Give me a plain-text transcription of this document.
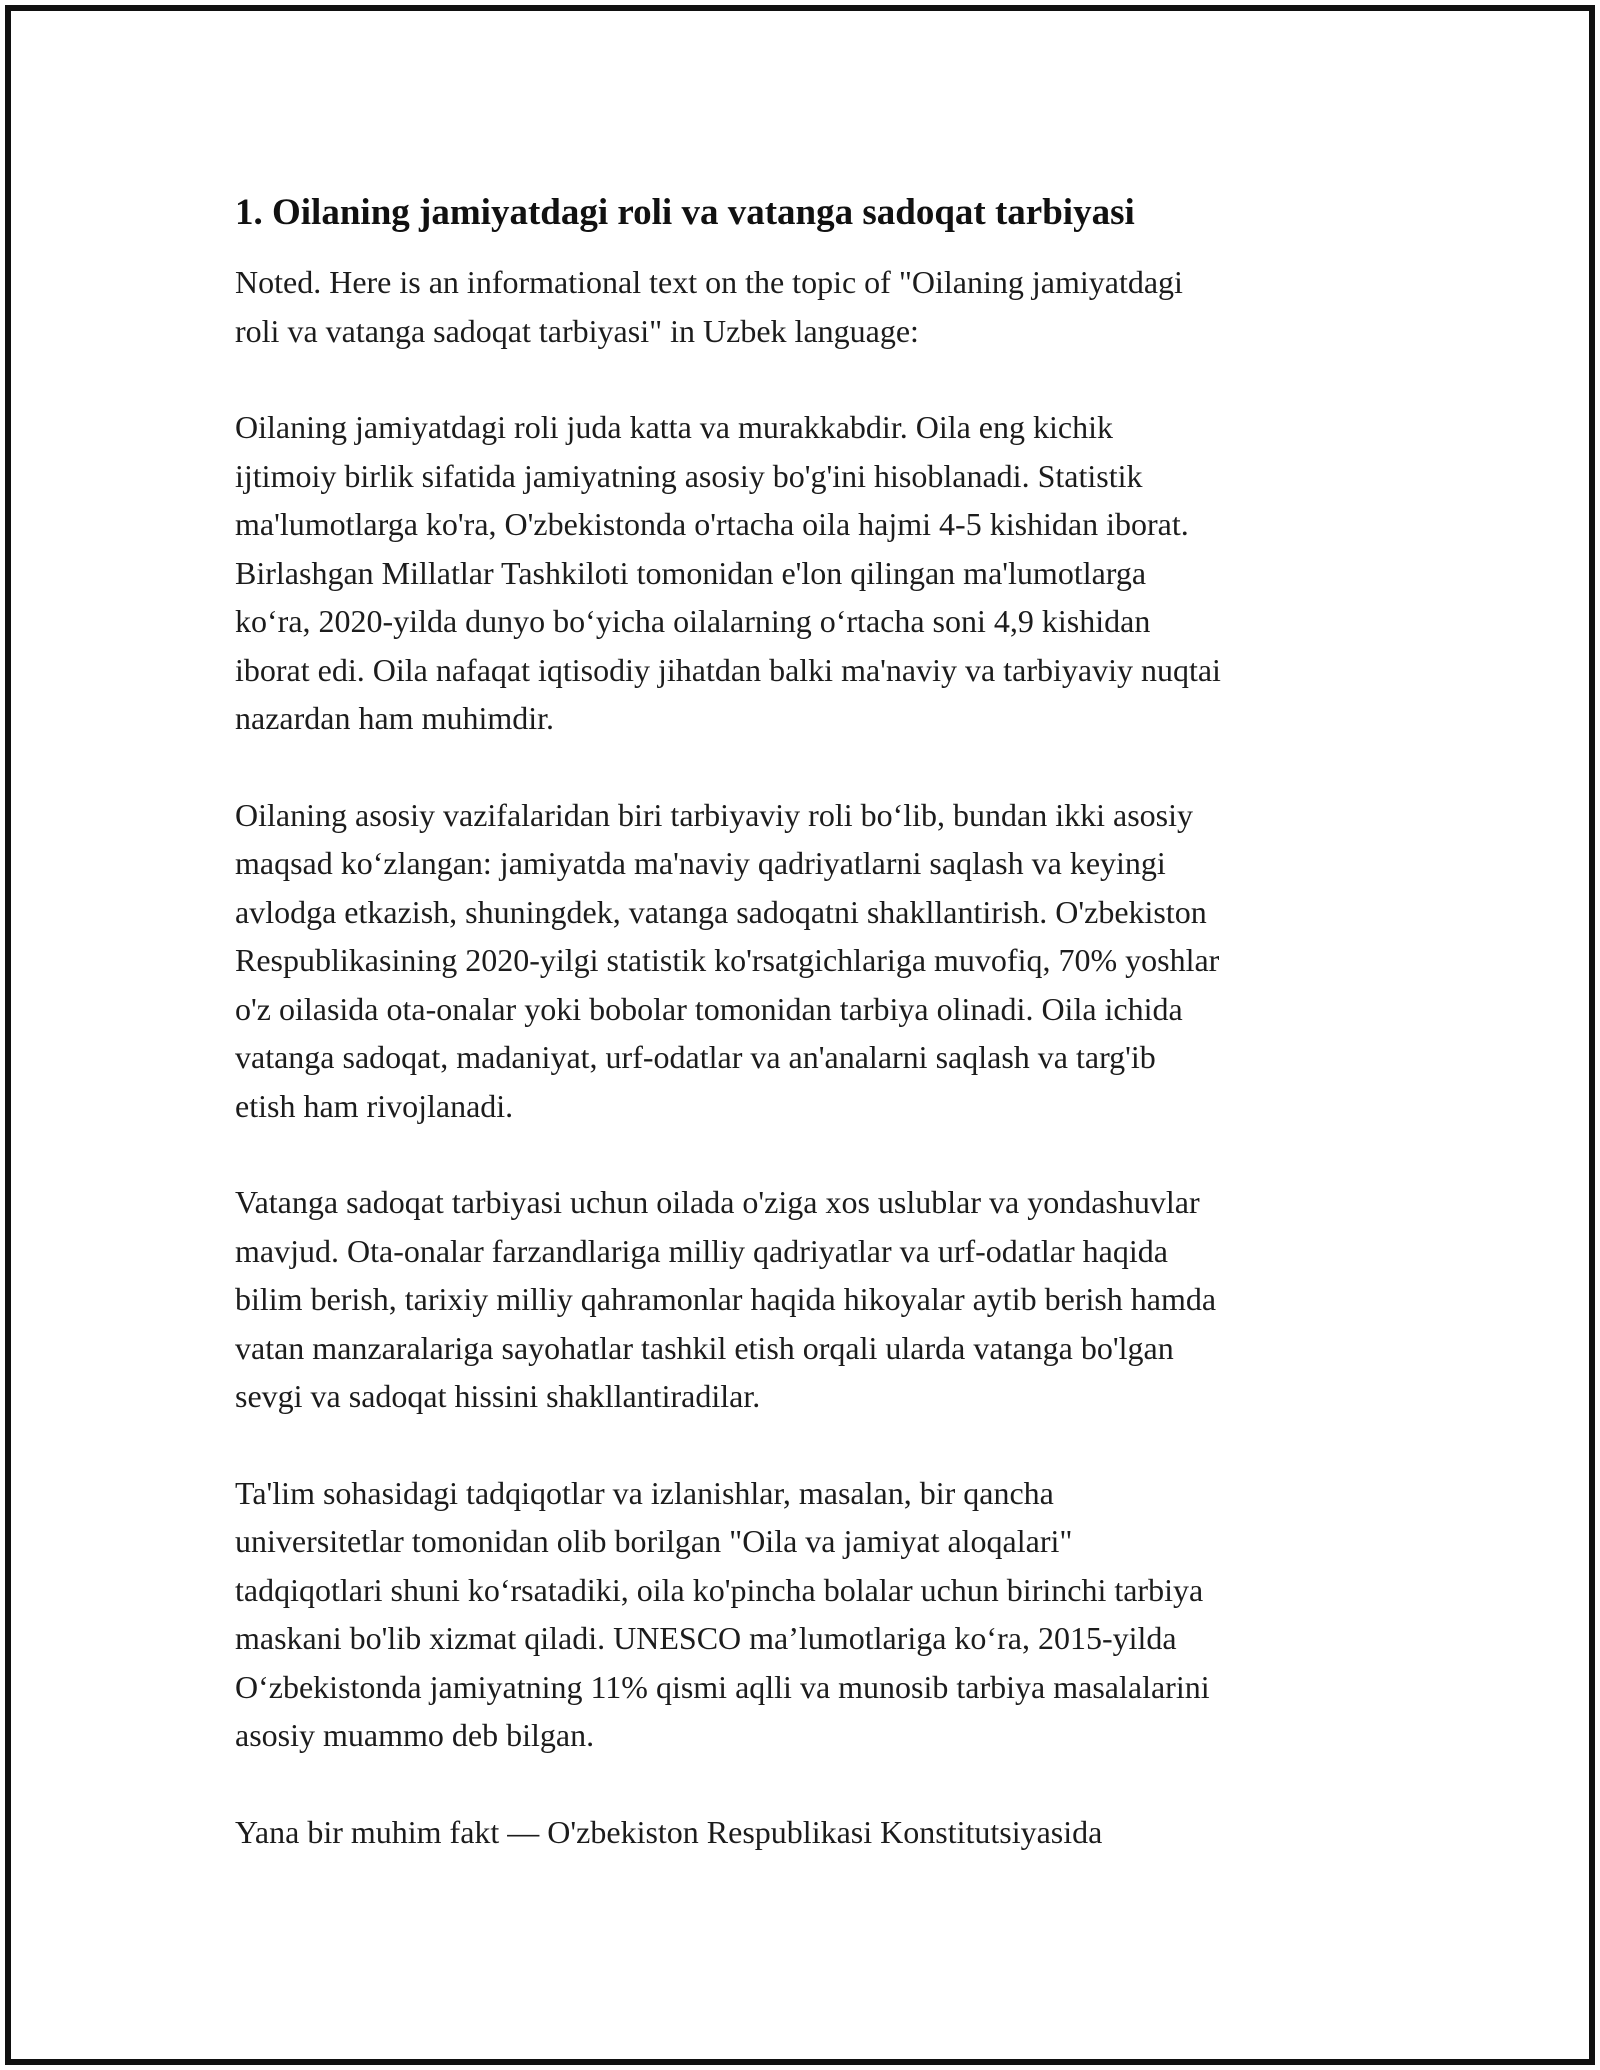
1. Oilaning jamiyatdagi roli va vatanga sadoqat tarbiyasi

Noted. Here is an informational text on the topic of "Oilaning jamiyatdagi
roli va vatanga sadoqat tarbiyasi" in Uzbek language:

Oilaning jamiyatdagi roli juda katta va murakkabdir. Oila eng kichik
ijtimoiy birlik sifatida jamiyatning asosiy bo'g'ini hisoblanadi. Statistik
ma'lumotlarga ko'ra, O'zbekistonda o'rtacha oila hajmi 4-5 kishidan iborat.
Birlashgan Millatlar Tashkiloti tomonidan e'lon qilingan ma'lumotlarga
koʻra, 2020-yilda dunyo boʻyicha oilalarning oʻrtacha soni 4,9 kishidan
iborat edi. Oila nafaqat iqtisodiy jihatdan balki ma'naviy va tarbiyaviy nuqtai
nazardan ham muhimdir.

Oilaning asosiy vazifalaridan biri tarbiyaviy roli boʻlib, bundan ikki asosiy
maqsad koʻzlangan: jamiyatda ma'naviy qadriyatlarni saqlash va keyingi
avlodga etkazish, shuningdek, vatanga sadoqatni shakllantirish. O'zbekiston
Respublikasining 2020-yilgi statistik ko'rsatgichlariga muvofiq, 70% yoshlar
o'z oilasida ota-onalar yoki bobolar tomonidan tarbiya olinadi. Oila ichida
vatanga sadoqat, madaniyat, urf-odatlar va an'analarni saqlash va targ'ib
etish ham rivojlanadi.

Vatanga sadoqat tarbiyasi uchun oilada o'ziga xos uslublar va yondashuvlar
mavjud. Ota-onalar farzandlariga milliy qadriyatlar va urf-odatlar haqida
bilim berish, tarixiy milliy qahramonlar haqida hikoyalar aytib berish hamda
vatan manzaralariga sayohatlar tashkil etish orqali ularda vatanga bo'lgan
sevgi va sadoqat hissini shakllantiradilar.

Ta'lim sohasidagi tadqiqotlar va izlanishlar, masalan, bir qancha
universitetlar tomonidan olib borilgan "Oila va jamiyat aloqalari"
tadqiqotlari shuni koʻrsatadiki, oila ko'pincha bolalar uchun birinchi tarbiya
maskani bo'lib xizmat qiladi. UNESCO maʼlumotlariga koʻra, 2015-yilda
Oʻzbekistonda jamiyatning 11% qismi aqlli va munosib tarbiya masalalarini
asosiy muammo deb bilgan.

Yana bir muhim fakt — O'zbekiston Respublikasi Konstitutsiyasida
